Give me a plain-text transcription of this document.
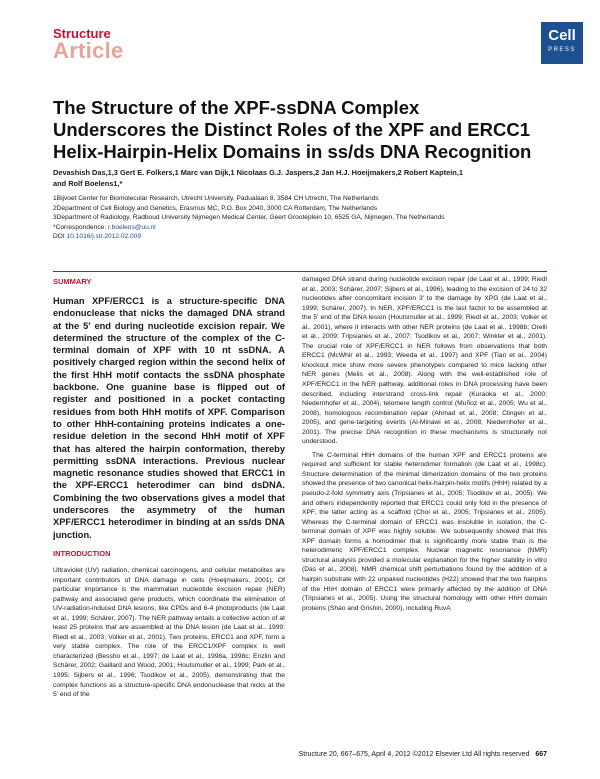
Structure
Article
Cell
PRESS
The Structure of the XPF-ssDNA Complex Underscores the Distinct Roles of the XPF and ERCC1 Helix-Hairpin-Helix Domains in ss/ds DNA Recognition
Devashish Das,1,3 Gert E. Folkers,1 Marc van Dijk,1 Nicolaas G.J. Jaspers,2 Jan H.J. Hoeijmakers,2 Robert Kaptein,1
and Rolf Boelens1,*
1Bijvoet Center for Biomolecular Research, Utrecht University, Padualaan 8, 3584 CH Utrecht, The Netherlands
2Department of Cell Biology and Genetics, Erasmus MC, P.O. Box 2040, 3000 CA Rotterdam, The Netherlands
3Department of Radiology, Radboud University Nijmegen Medical Center, Geert Grooteplein 10, 6525 GA, Nijmegen, The Netherlands
*Correspondence: r.boelens@uu.nl
DOI 10.1016/j.str.2012.02.009
SUMMARY
Human XPF/ERCC1 is a structure-specific DNA endonuclease that nicks the damaged DNA strand at the 5′ end during nucleotide excision repair. We determined the structure of the complex of the C-terminal domain of XPF with 10 nt ssDNA. A positively charged region within the second helix of the first HhH motif contacts the ssDNA phosphate backbone. One guanine base is flipped out of register and positioned in a pocket contacting residues from both HhH motifs of XPF. Comparison to other HhH-containing proteins indicates a one-residue deletion in the second HhH motif of XPF that has altered the hairpin conformation, thereby permitting ssDNA interactions. Previous nuclear magnetic resonance studies showed that ERCC1 in the XPF-ERCC1 heterodimer can bind dsDNA. Combining the two observations gives a model that underscores the asymmetry of the human XPF/ERCC1 heterodimer in binding at an ss/ds DNA junction.
INTRODUCTION
Ultraviolet (UV) radiation, chemical carcinogens, and cellular metabolites are important contributors of DNA damage in cells (Hoeijmakers, 2001). Of particular importance is the mammalian nucleotide excision repair (NER) pathway and associated gene products, which coordinate the elimination of UV-radiation-induced DNA lesions, like CPDs and 6-4 photoproducts (de Laat et al., 1999; Schärer, 2007). The NER pathway entails a collective action of at least 25 proteins that are assembled at the DNA lesion (de Laat et al., 1999; Riedl et al., 2003; Volker et al., 2001). Two proteins, ERCC1 and XPF, form a very stable complex. The role of the ERCC1/XPF complex is well characterized (Bessho et al., 1997; de Laat et al., 1998a, 1998c; Enzlin and Schärer, 2002; Gaillard and Wood, 2001; Houtsmuller et al., 1999; Park et al., 1995; Sijbers et al., 1996; Tsodikov et al., 2005), demonstrating that the complex functions as a structure-specific DNA endonuclease that nicks at the 5′ end of the

damaged DNA strand during nucleotide excision repair (de Laat et al., 1999; Riedl et al., 2003; Schärer, 2007; Sijbers et al., 1996), leading to the excision of 24 to 32 nucleotides after concomitant incision 3′ to the damage by XPG (de Laat et al., 1999; Schärer, 2007). In NER, XPF/ERCC1 is the last factor to be assembled at the 5′ end of the DNA lesion (Houtsmuller et al., 1999; Riedl et al., 2003; Volker et al., 2001), where it interacts with other NER proteins (de Laat et al., 1998b; Orelli et al., 2009; Tripsianes et al., 2007; Tsodikov et al., 2007; Winkler et al., 2001). The crucial role of XPF/ERCC1 in NER follows from observations that both ERCC1 (McWhir et al., 1993; Weeda et al., 1997) and XPF (Tian et al., 2004) knockout mice show more severe phenotypes compared to mice lacking other NER genes (Melis et al., 2008). Along with the well-established role of XPF/ERCC1 in the NER pathway, additional roles in DNA processing have been described, including interstrand cross-link repair (Kuraoka et al., 2000; Niedernhofer et al., 2004), telomere length control (Muñoz et al., 2005; Wu et al., 2008), homologous recombination repair (Ahmad et al., 2008; Clingen et al., 2005), and gene-targeting events (Al-Minawi et al., 2008; Niedernhofer et al., 2001). The precise DNA recognition in these mechanisms is structurally not understood.

The C-terminal HhH domains of the human XPF and ERCC1 proteins are required and sufficient for stable heterodimer formation (de Laat et al., 1998c). Structure determination of the minimal dimerization domains of the two proteins showed the presence of two canonical helix-hairpin-helix motifs (HhH) related by a pseudo-2-fold symmetry axis (Tripsianes et al., 2005; Tsodikov et al., 2005). We and others independently reported that ERCC1 could only fold in the presence of XPF, the latter acting as a scaffold (Choi et al., 2005; Tripsianes et al., 2005). Whereas the C-terminal domain of ERCC1 was insoluble in isolation, the C-terminal domain of XPF was highly soluble. We subsequently showed that this XPF domain forms a homodimer that is significantly more stable than is the heterodimeric XPF/ERCC1 complex. Nuclear magnetic resonance (NMR) structural analysis provided a molecular explanation for the higher stability in vitro (Das et al., 2008). NMR chemical shift perturbations found by the addition of a hairpin substrate with 22 unpaired nucleotides (H22) showed that the two hairpins of the HhH domain of ERCC1 were primarily affected by the addition of DNA (Tripsianes et al., 2005). Using the structural homology with other HhH domain proteins (Shao and Grishin, 2000), including RuvA

Structure 20, 667–675, April 4, 2012 ©2012 Elsevier Ltd All rights reserved 667
